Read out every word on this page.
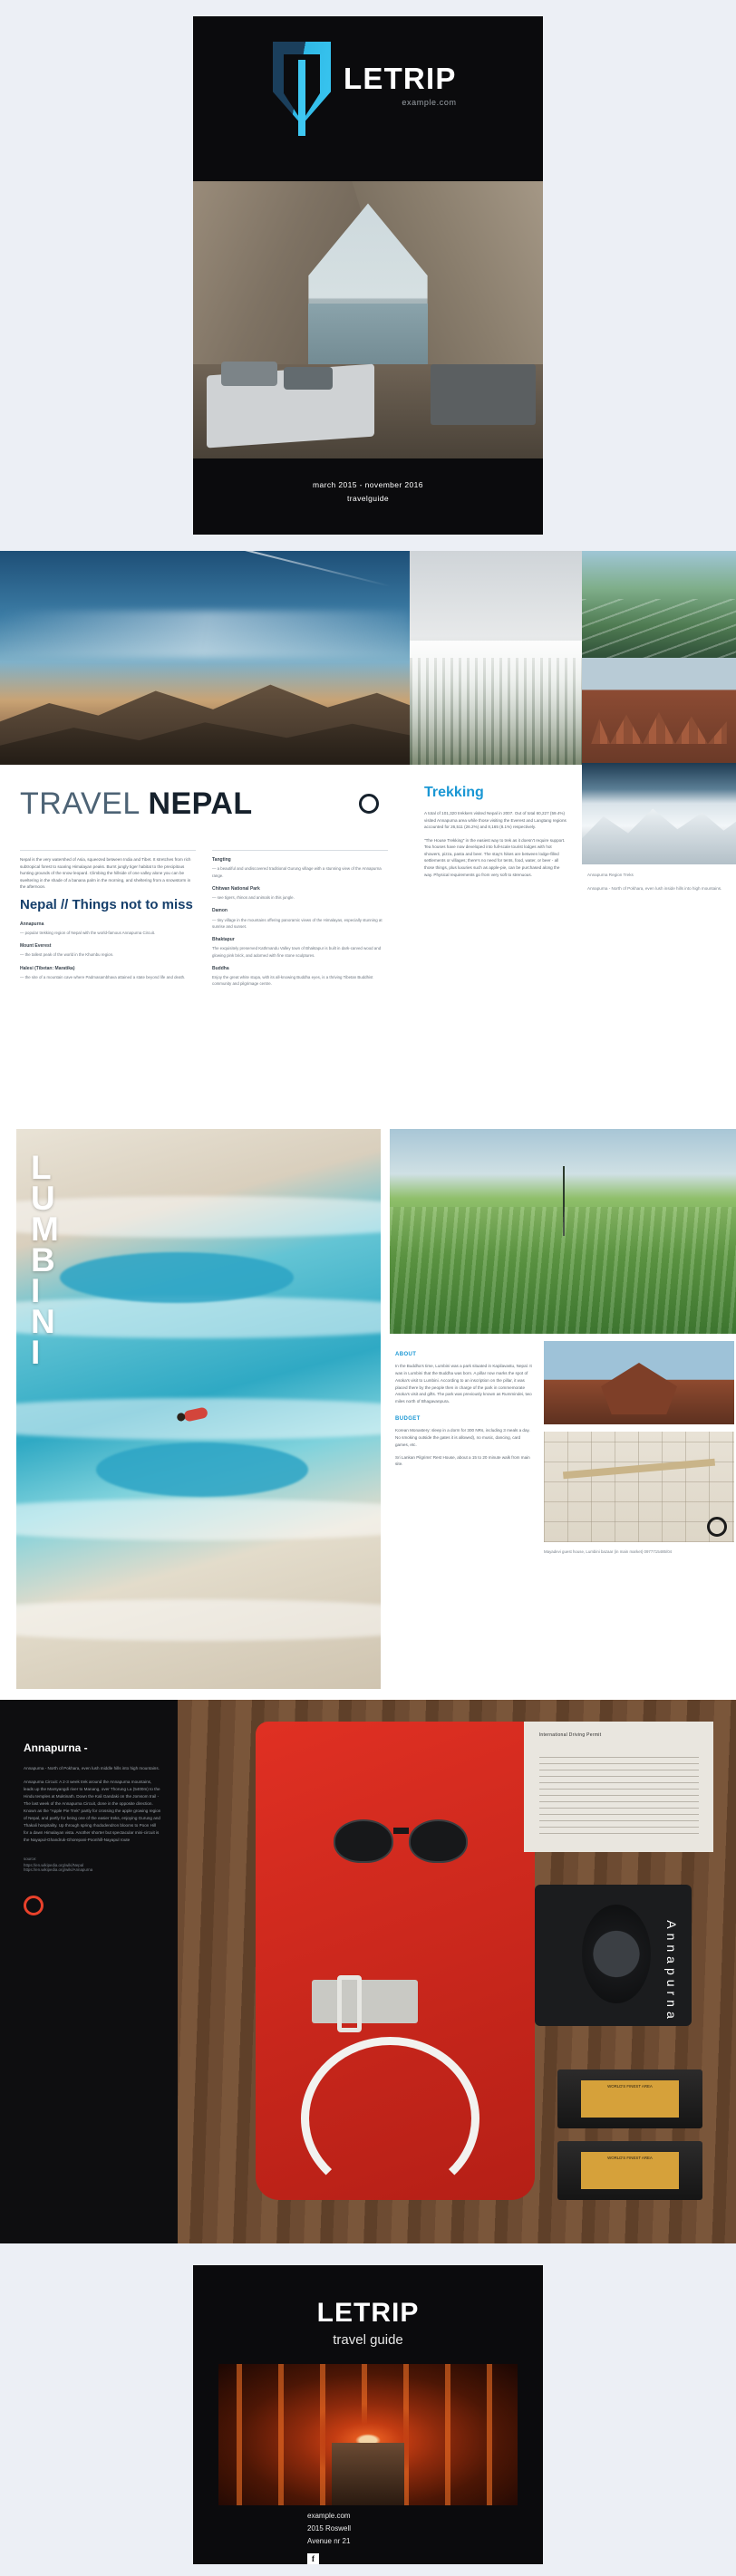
LETRIP
example.com
march 2015 - november 2016
travelguide
TRAVEL NEPAL

Nepal is the very watershed of Asia, squeezed between India and Tibet. It stretches from rich subtropical forest to soaring Himalayan peaks. Burnt jungly tiger habitat to the precipitous hunting grounds of the snow leopard. Climbing the hillside of one valley alone you can be sweltering in the shade of a banana palm in the morning, and sheltering from a snowstorm in the afternoon.

Nepal // Things not to miss
Annapurna

— popular trekking region of Nepal with the world-famous Annapurna Circuit.

Mount Everest

— the tallest peak of the world in the Khumbu region.

Halesi (Tibetan: Maratika)

— the site of a mountain cave where Padmasambhava attained a state beyond life and death.

Tangting

— a beautiful and undiscovered traditional Gurung village with a stunning view of the Annapurna range.

Chitwan National Park

— see tigers, rhinos and animals in this jungle.

Damon

— tiny village in the mountains offering panoramic views of the Himalayas, especially stunning at sunrise and sunset.

Bhaktapur

The exquisitely preserved Kathmandu Valley town of Bhaktapur is built in dark-carved wood and glowing pink brick, and adorned with fine stone sculptures.

Buddha

Enjoy the great white stupa, with its all-knowing Buddha eyes, is a thriving Tibetan Buddhist community and pilgrimage centre.

Trekking

A total of 101,320 trekkers visited Nepal in 2007. Out of total 60,227 (59.4%) visited Annapurna area while those visiting the Everest and Langtang regions accounted for 26,511 (26.2%) and 8,165 (8.1%) respectively.

"The House Trekking" in the easiest way to trek as it doesn't require support. Tea houses have now developed into full-scale tourist lodges with hot showers, pizza, pasta and beer. The stay's hikes are between lodge-filled settlements or villages; there's no need for tents, food, water, or beer - all those things, plus luxuries such as apple-pie, can be purchased along the way. Physical requirements go from very soft to strenuous.	Annapurna Region Treks
Annapurna - North of Pokhara, even lush inside hills into high mountains.
L
U
M
B
I
N
I	ABOUT

In the Buddha's time, Lumbini was a park situated in Kapilavastu, Nepal. It was in Lumbini that the Buddha was born. A pillar now marks the spot of Asoka's visit to Lumbini. According to an inscription on the pillar, it was placed there by the people then in charge of the park in commemorate Asoka's visit and gifts. The park was previously known as Rummindei, two miles north of Bhagavanpura.

BUDGET

Korean Monastery: sleep in a dorm for 300 NRs, including 3 meals a day. No smoking outside the gates it is allowed), no music, dancing, card games, etc.

Sri Lankan Pilgrims' Rest House, about a 15 to 20 minute walk from main site.

Mayadevi guest house, Lumbini bazaar (in main market) 0977715485/04
Annapurna -

Annapurna - North of Pokhara, even lush middle hills into high mountains.

Annapurna Circuit: A 2-3 week trek around the Annapurna mountains, leads up the Marsyangdi river to Manang, over Thorung La (5400m) to the Hindu temples at Muktinath. Down the Kali Gandaki on the Jomsom trail - The last week of the Annapurna Circuit, done in the opposite direction. Known as the "Apple Pie Trek" partly for crossing the apple growing region of Nepal, and partly for being one of the easier treks, enjoying Gurung and Thakali hospitality. Up through spring rhododendron blooms to Poon Hill for a dawn Himalayan vista. Another shorter but spectacular mini-circuit is the Nayapul-Ghandruk-Ghorepani-Poonhill-Nayapul route

source:
https://en.wikipedia.org/wiki/Nepal
https://en.wikipedia.org/wiki/Annapurna
International Driving Permit
WORLD'S FINEST AREA
WORLD'S FINEST AREA
Annapurna
LETRIP
travel guide
example.com
2015 Roswell
Avenue nr 21
f
